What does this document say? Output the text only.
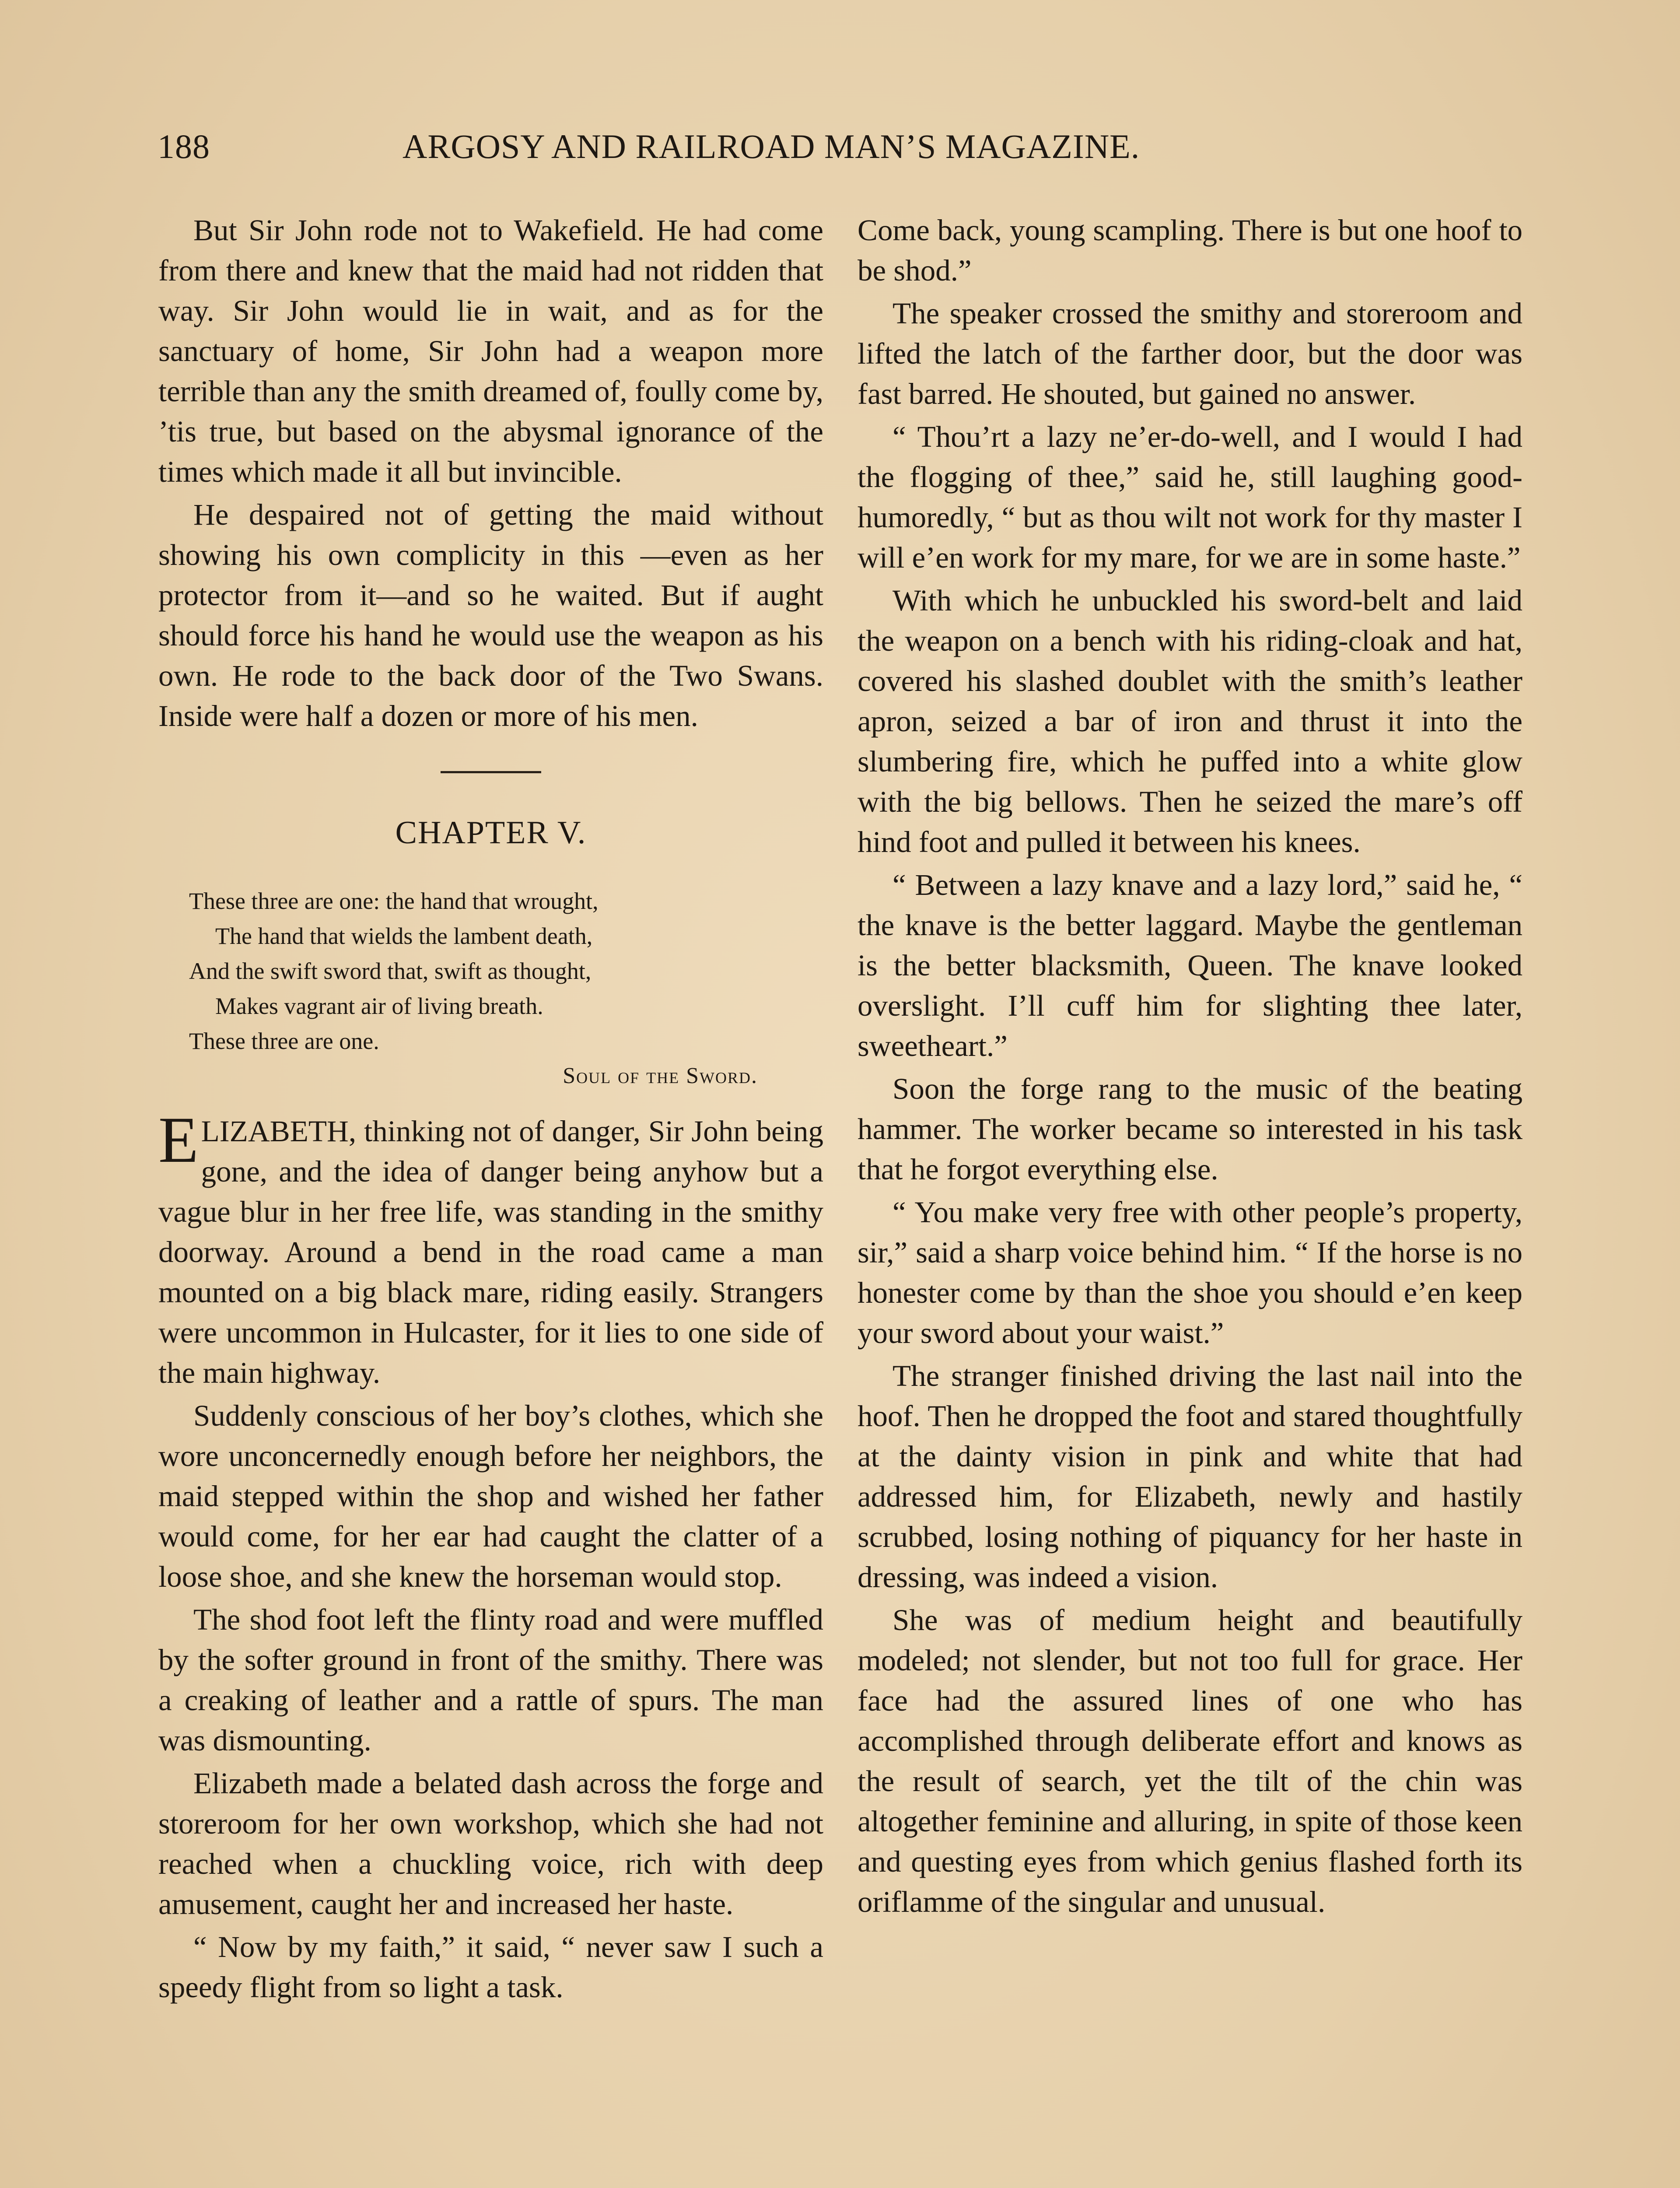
188	ARGOSY AND RAILROAD MAN’S MAGAZINE.

But Sir John rode not to Wakefield. He had come from there and knew that the maid had not ridden that way. Sir John would lie in wait, and as for the sanctuary of home, Sir John had a weapon more terrible than any the smith dreamed of, foully come by, ’tis true, but based on the abysmal ignorance of the times which made it all but invincible.

He despaired not of getting the maid without showing his own complicity in this —even as her protector from it—and so he waited. But if aught should force his hand he would use the weapon as his own. He rode to the back door of the Two Swans. Inside were half a dozen or more of his men.

CHAPTER V.
These three are one: the hand that wrought,
The hand that wields the lambent death,
And the swift sword that, swift as thought,
Makes vagrant air of living breath.
These three are one.
Soul of the Sword.

ELIZABETH, thinking not of danger, Sir John being gone, and the idea of danger being anyhow but a vague blur in her free life, was standing in the smithy doorway. Around a bend in the road came a man mounted on a big black mare, riding easily. Strangers were uncommon in Hulcaster, for it lies to one side of the main highway.

Suddenly conscious of her boy’s clothes, which she wore unconcernedly enough before her neighbors, the maid stepped within the shop and wished her father would come, for her ear had caught the clatter of a loose shoe, and she knew the horseman would stop.

The shod foot left the flinty road and were muffled by the softer ground in front of the smithy. There was a creaking of leather and a rattle of spurs. The man was dismounting.

Elizabeth made a belated dash across the forge and storeroom for her own workshop, which she had not reached when a chuckling voice, rich with deep amusement, caught her and increased her haste.

“ Now by my faith,” it said, “ never saw I such a speedy flight from so light a task.

Come back, young scampling. There is but one hoof to be shod.”

The speaker crossed the smithy and storeroom and lifted the latch of the farther door, but the door was fast barred. He shouted, but gained no answer.

“ Thou’rt a lazy ne’er-do-well, and I would I had the flogging of thee,” said he, still laughing good-humoredly, “ but as thou wilt not work for thy master I will e’en work for my mare, for we are in some haste.”

With which he unbuckled his sword-belt and laid the weapon on a bench with his riding-cloak and hat, covered his slashed doublet with the smith’s leather apron, seized a bar of iron and thrust it into the slumbering fire, which he puffed into a white glow with the big bellows. Then he seized the mare’s off hind foot and pulled it between his knees.

“ Between a lazy knave and a lazy lord,” said he, “ the knave is the better laggard. Maybe the gentleman is the better blacksmith, Queen. The knave looked overslight. I’ll cuff him for slighting thee later, sweetheart.”

Soon the forge rang to the music of the beating hammer. The worker became so interested in his task that he forgot everything else.

“ You make very free with other people’s property, sir,” said a sharp voice behind him. “ If the horse is no honester come by than the shoe you should e’en keep your sword about your waist.”

The stranger finished driving the last nail into the hoof. Then he dropped the foot and stared thoughtfully at the dainty vision in pink and white that had addressed him, for Elizabeth, newly and hastily scrubbed, losing nothing of piquancy for her haste in dressing, was indeed a vision.

She was of medium height and beautifully modeled; not slender, but not too full for grace. Her face had the assured lines of one who has accomplished through deliberate effort and knows as the result of search, yet the tilt of the chin was altogether feminine and alluring, in spite of those keen and questing eyes from which genius flashed forth its oriflamme of the singular and unusual.
